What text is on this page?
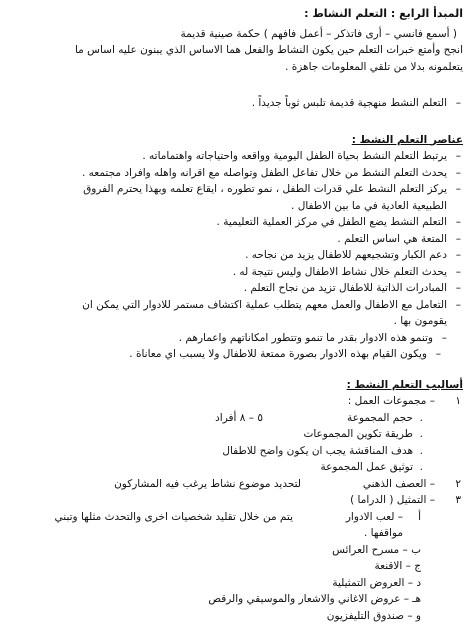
المبدأ الرابع : التعلم النشاط :

( أسمع فانسي – أرى فاتذكر – أعمل فافهم ) حكمة صينية قديمة

انجح وأمتع خبرات التعلم حين يكون النشاط والفعل هما الاساس الذي يبنون عليه اساس ما

يتعلمونه بدلا من تلقي المعلومات جاهزة .

–
التعلم النشط منهجية قديمة تلبس ثوباً جديداً .

عناصر التعلم النشط :

–
يرتبط التعلم النشط بحياة الطفل اليومية وواقعه واحتياجاته واهتماماته .
–
يحدث التعلم النشط من خلال تفاعل الطفل وتواصله مع اقرانه واهله وافراد مجتمعه .
–
يركز التعلم النشط علي قدرات الطفل ، نمو تطوره ، ايقاع تعلمه وبهذا يحترم الفروق
الطبيعية العادية في ما بين الاطفال .
–
التعلم النشط يضع الطفل في مركز العملية التعليمية .
–
المتعة هي اساس التعلم .
–
دعم الكبار وتشجيعهم للاطفال يزيد من نجاحه .
–
يحدث التعلم خلال نشاط الاطفال وليس نتيجة له .
–
المبادرات الذاتية للاطفال تزيد من نجاح التعلم .
–
التعامل مع الاطفال والعمل معهم يتطلب عملية اكتشاف مستمر للادوار التي يمكن ان
يقومون بها .
–
وتنمو هذه الادوار بقدر ما تنمو وتتطور امكاناتهم واعمارهم .
–
ويكون القيام بهذه الادوار بصورة ممتعة للاطفال ولا يسبب اي معاناة .

أساليب التعلم النشط :

١
– مجموعات العمل :
.
حجم المجموعة
٥ – ٨ أفراد
.
طريقة تكوين المجموعات
.
هدف المناقشة يجب ان يكون واضح للاطفال
.
توثيق عمل المجموعة
٢
– العصف الذهني
لتحديد موضوع نشاط يرغب فيه المشاركون
٣
– التمثيل ( الدراما )
أ
– لعب الادوار
يتم من خلال تقليد شخصيات اخرى والتحدث مثلها وتبني
مواقفها .
ب – مسرح العرائس
ج – الاقنعة
د – العروض التمثيلية
هـ – عروض الاغاني والاشعار والموسيقي والرقص
و – صندوق التليفزيون
